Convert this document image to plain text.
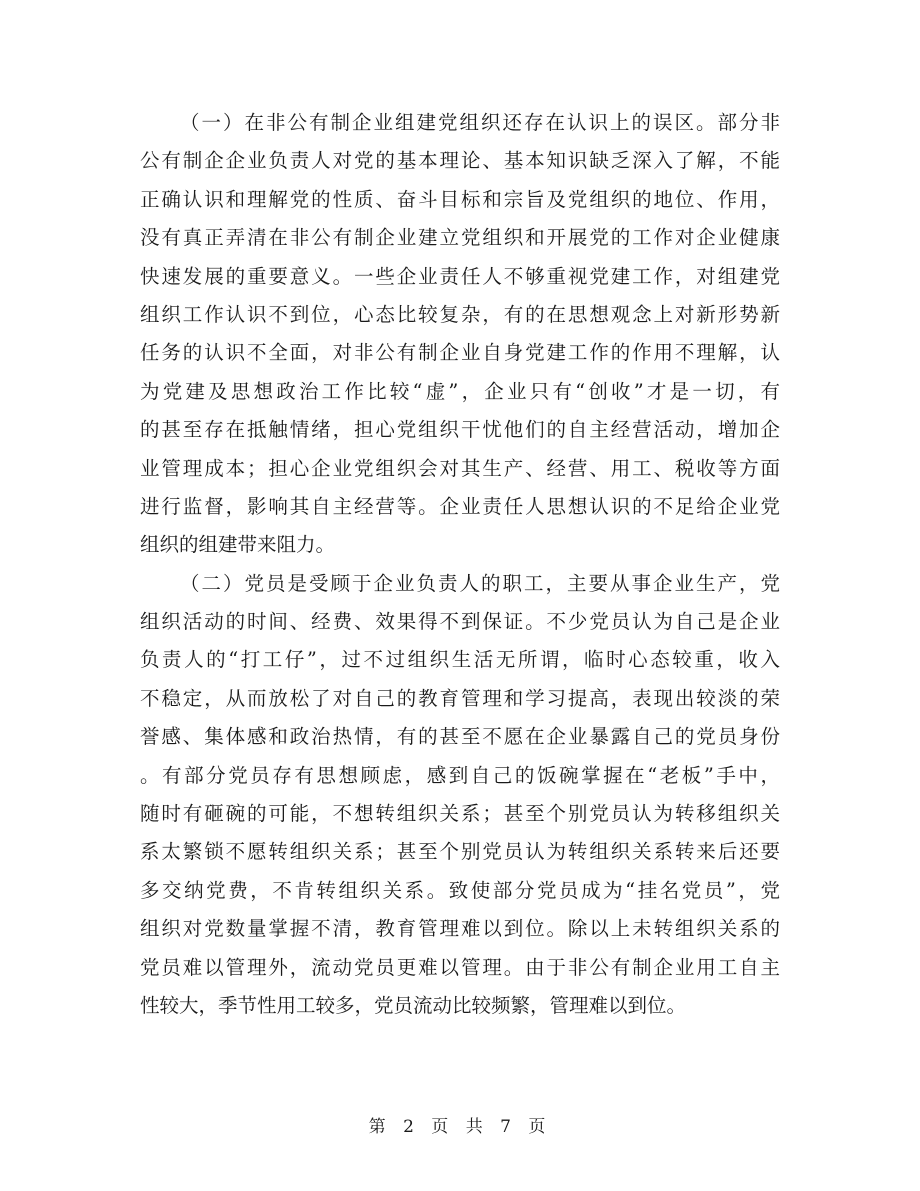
（一）在非公有制企业组建党组织还存在认识上的误区。部分非
公有制企企业负责人对党的基本理论、基本知识缺乏深入了解，不能
正确认识和理解党的性质、奋斗目标和宗旨及党组织的地位、作用，
没有真正弄清在非公有制企业建立党组织和开展党的工作对企业健康
快速发展的重要意义。一些企业责任人不够重视党建工作，对组建党
组织工作认识不到位，心态比较复杂，有的在思想观念上对新形势新
任务的认识不全面，对非公有制企业自身党建工作的作用不理解，认
为党建及思想政治工作比较“虚”，企业只有“创收”才是一切，有
的甚至存在抵触情绪，担心党组织干忧他们的自主经营活动，增加企
业管理成本；担心企业党组织会对其生产、经营、用工、税收等方面
进行监督，影响其自主经营等。企业责任人思想认识的不足给企业党
组织的组建带来阻力。
（二）党员是受顾于企业负责人的职工，主要从事企业生产，党
组织活动的时间、经费、效果得不到保证。不少党员认为自己是企业
负责人的“打工仔”，过不过组织生活无所谓，临时心态较重，收入
不稳定，从而放松了对自己的教育管理和学习提高，表现出较淡的荣
誉感、集体感和政治热情，有的甚至不愿在企业暴露自己的党员身份
。有部分党员存有思想顾虑，感到自己的饭碗掌握在“老板”手中，
随时有砸碗的可能，不想转组织关系；甚至个别党员认为转移组织关
系太繁锁不愿转组织关系；甚至个别党员认为转组织关系转来后还要
多交纳党费，不肯转组织关系。致使部分党员成为“挂名党员”，党
组织对党数量掌握不清，教育管理难以到位。除以上未转组织关系的
党员难以管理外，流动党员更难以管理。由于非公有制企业用工自主
性较大，季节性用工较多，党员流动比较频繁，管理难以到位。
第 2 页 共 7 页
